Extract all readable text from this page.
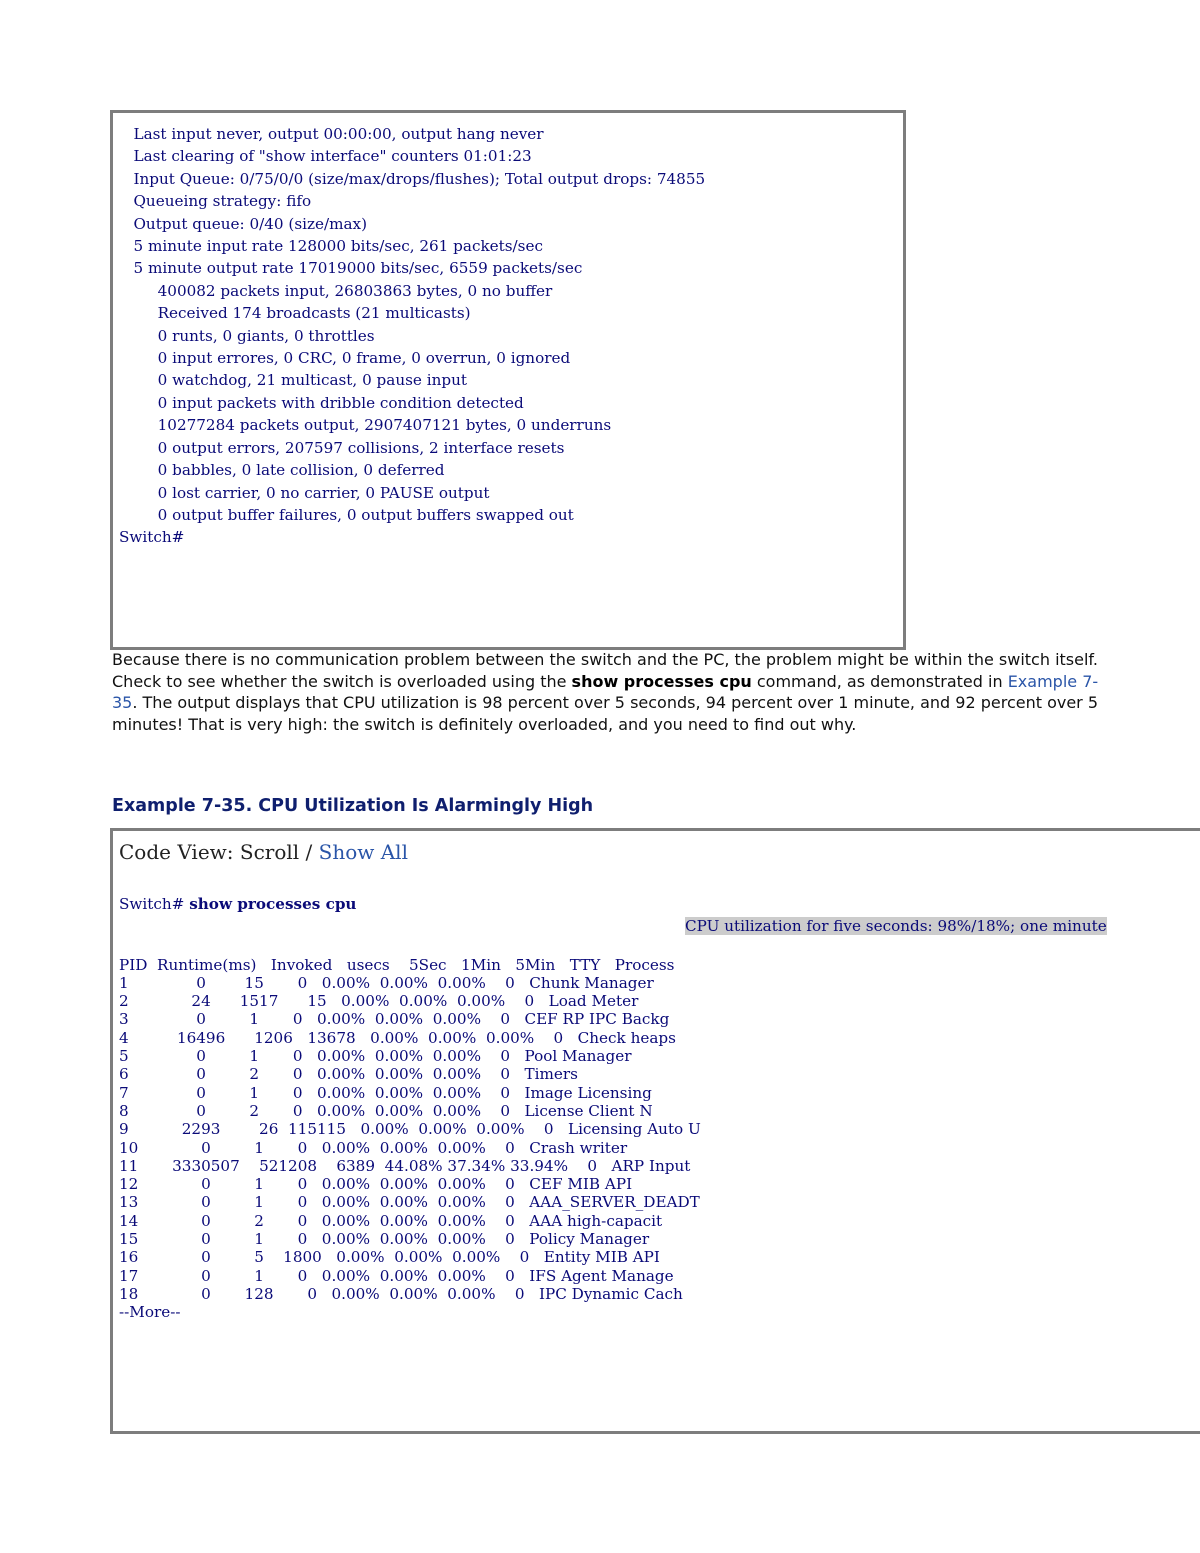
Last input never, output 00:00:00, output hang never
Last clearing of "show interface" counters 01:01:23
Input Queue: 0/75/0/0 (size/max/drops/flushes); Total output drops: 74855
Queueing strategy: fifo
Output queue: 0/40 (size/max)
5 minute input rate 128000 bits/sec, 261 packets/sec
5 minute output rate 17019000 bits/sec, 6559 packets/sec
400082 packets input, 26803863 bytes, 0 no buffer
Received 174 broadcasts (21 multicasts)
0 runts, 0 giants, 0 throttles
0 input errores, 0 CRC, 0 frame, 0 overrun, 0 ignored
0 watchdog, 21 multicast, 0 pause input
0 input packets with dribble condition detected
10277284 packets output, 2907407121 bytes, 0 underruns
0 output errors, 207597 collisions, 2 interface resets
0 babbles, 0 late collision, 0 deferred
0 lost carrier, 0 no carrier, 0 PAUSE output
0 output buffer failures, 0 output buffers swapped out
Switch#

Because there is no communication problem between the switch and the PC, the problem might be within the switch itself. Check to see whether the switch is overloaded using the show processes cpu command, as demonstrated in Example 7-35. The output displays that CPU utilization is 98 percent over 5 seconds, 94 percent over 1 minute, and 92 percent over 5 minutes! That is very high: the switch is definitely overloaded, and you need to find out why.
Example 7-35. CPU Utilization Is Alarmingly High
Code View: Scroll / Show All
Switch# show processes cpu
CPU utilization for five seconds: 98%/18%; one minute

PID  Runtime(ms)   Invoked   usecs    5Sec   1Min   5Min   TTY   Process
1              0        15       0   0.00%  0.00%  0.00%    0   Chunk Manager
2             24      1517      15   0.00%  0.00%  0.00%    0   Load Meter
3              0         1       0   0.00%  0.00%  0.00%    0   CEF RP IPC Backg
4          16496      1206   13678   0.00%  0.00%  0.00%    0   Check heaps
5              0         1       0   0.00%  0.00%  0.00%    0   Pool Manager
6              0         2       0   0.00%  0.00%  0.00%    0   Timers
7              0         1       0   0.00%  0.00%  0.00%    0   Image Licensing
8              0         2       0   0.00%  0.00%  0.00%    0   License Client N
9           2293        26  115115   0.00%  0.00%  0.00%    0   Licensing Auto U
10             0         1       0   0.00%  0.00%  0.00%    0   Crash writer
11       3330507    521208    6389  44.08% 37.34% 33.94%    0   ARP Input
12             0         1       0   0.00%  0.00%  0.00%    0   CEF MIB API
13             0         1       0   0.00%  0.00%  0.00%    0   AAA_SERVER_DEADT
14             0         2       0   0.00%  0.00%  0.00%    0   AAA high-capacit
15             0         1       0   0.00%  0.00%  0.00%    0   Policy Manager
16             0         5    1800   0.00%  0.00%  0.00%    0   Entity MIB API
17             0         1       0   0.00%  0.00%  0.00%    0   IFS Agent Manage
18             0       128       0   0.00%  0.00%  0.00%    0   IPC Dynamic Cach
--More--
